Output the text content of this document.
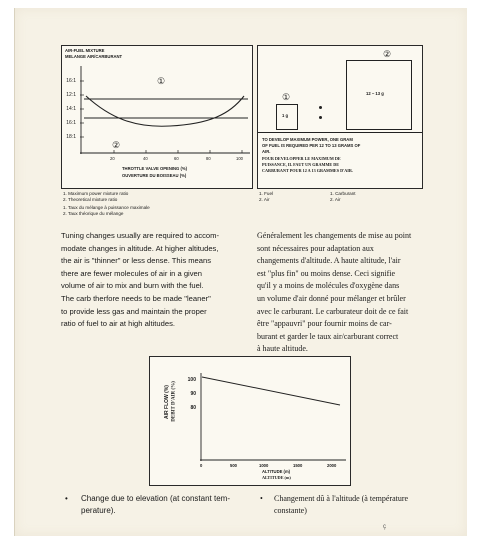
AIR-FUEL MIXTURE
MELANGE AIR/CARBURANT
16:1
12:1
14:1
16:1
18:1
①
②
20	40	60	80	100
THROTTLE VALVE OPENING (%)
OUVERTURE DU BOISSEAU (%)
1. Maximum power mixture ratio
2. Theoretical mixture ratio
1. Taux du mélange à puissance maximale
2. Taux théorique du mélange
②
12 ~ 13 g
①
1 g
TO DEVELOP MAXIMUM POWER, ONE GRAM
OF FUEL IS REQUIRED PER 12 TO 13 GRAMS OF
AIR.
POUR DEVELOPPER LE MAXIMUM DE
PUISSANCE, IL FAUT UN GRAMME DE
CARBURANT POUR 12 A 13 GRAMMES D'AIR.
1. Fuel
2. Air
1. Carburant
2. Air
Tuning changes usually are required to accom-
modate changes in altitude. At higher altitudes,
the air is "thinner" or less dense. This means
there are fewer molecules of air in a given
volume of air to mix and burn with the fuel.
The carb therfore needs to be made "leaner"
to provide less gas and maintain the proper
ratio of fuel to air at high altitudes.
Généralement les changements de mise au point
sont nécessaires pour adaptation aux
changements d'altitude. A haute altitude, l'air
est "plus fin" ou moins dense. Ceci signifie
qu'il y a moins de molécules d'oxygène dans
un volume d'air donné pour mélanger et brûler
avec le carburant. Le carburateur doit de ce fait
être "appauvri" pour fournir moins de car-
burant et garder le taux air/carburant correct
à haute altitude.
AIR FLOW (%) DEBIT D'AIR (%)
100
90
80
0	500	1000	1500	2000
ALTITUDE (m)
ALTITUDE (m)
• Change due to elevation (at constant tem-
perature).
• Changement dû à l'altitude (à température
constante)
ç
